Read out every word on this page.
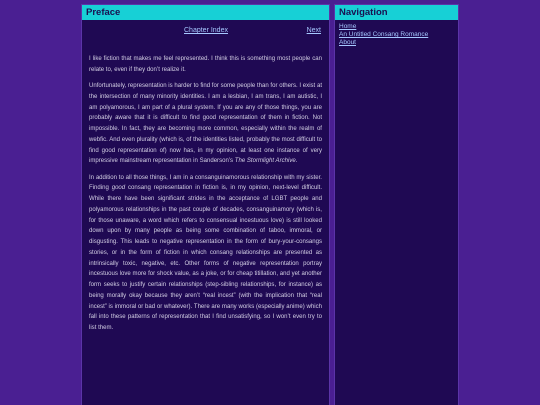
Preface
Chapter Index	Next

I like fiction that makes me feel represented. I think this is something most people can relate to, even if they don’t realize it.

Unfortunately, representation is harder to find for some people than for others. I exist at the intersection of many minority identities. I am a lesbian, I am trans, I am autistic, I am polyamorous, I am part of a plural system. If you are any of those things, you are probably aware that it is difficult to find good representation of them in fiction. Not impossible. In fact, they are becoming more common, especially within the realm of webfic. And even plurality (which is, of the identities listed, probably the most difficult to find good representation of) now has, in my opinion, at least one instance of very impressive mainstream representation in Sanderson’s The Stormlight Archive.

In addition to all those things, I am in a consanguinamorous relationship with my sister. Finding good consang representation in fiction is, in my opinion, next-level difficult. While there have been significant strides in the acceptance of LGBT people and polyamorous relationships in the past couple of decades, consanguinamory (which is, for those unaware, a word which refers to consensual incestuous love) is still looked down upon by many people as being some combination of taboo, immoral, or disgusting. This leads to negative representation in the form of bury-your-consangs stories, or in the form of fiction in which consang relationships are presented as intrinsically toxic, negative, etc. Other forms of negative representation portray incestuous love more for shock value, as a joke, or for cheap titillation, and yet another form seeks to justify certain relationships (step-sibling relationships, for instance) as being morally okay because they aren’t “real incest” (with the implication that “real incest” is immoral or bad or whatever). There are many works (especially anime) which fall into these patterns of representation that I find unsatisfying, so I won’t even try to list them.

Navigation
Home
An Untitled Consang Romance
About
